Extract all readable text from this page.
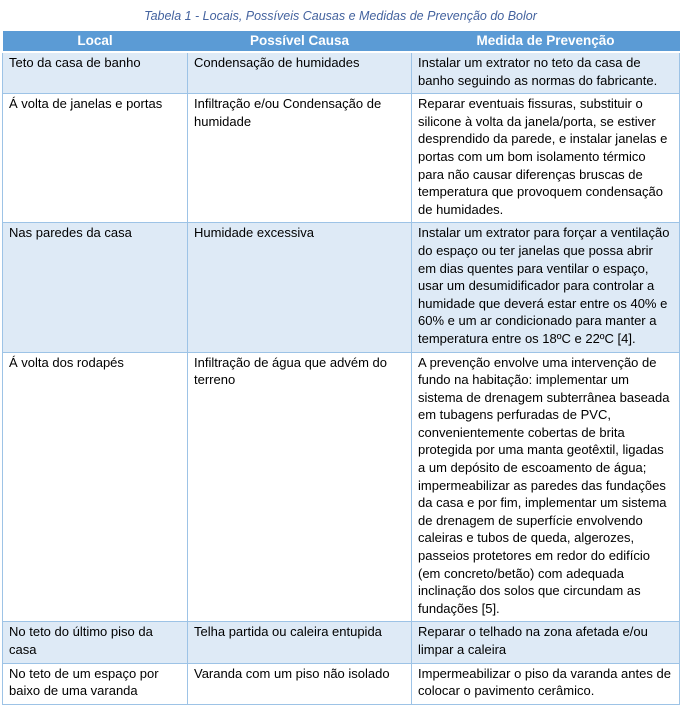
Tabela 1 - Locais, Possíveis Causas e Medidas de Prevenção do Bolor
Local	Possível Causa	Medida de Prevenção
Teto da casa de banho	Condensação de humidades	Instalar um extrator no teto da casa de banho seguindo as normas do fabricante.
Á volta de janelas e portas	Infiltração e/ou Condensação de humidade	Reparar eventuais fissuras, substituir o silicone à volta da janela/porta, se estiver desprendido da parede, e instalar janelas e portas com um bom isolamento térmico para não causar diferenças bruscas de temperatura que provoquem condensação de humidades.
Nas paredes da casa	Humidade excessiva	Instalar um extrator para forçar a ventilação do espaço ou ter janelas que possa abrir em dias quentes para ventilar o espaço, usar um desumidificador para controlar a humidade que deverá estar entre os 40% e 60% e um ar condicionado para manter a temperatura entre os 18ºC e 22ºC [4].
Á volta dos rodapés	Infiltração de água que advém do terreno	A prevenção envolve uma intervenção de fundo na habitação: implementar um sistema de drenagem subterrânea baseada em tubagens perfuradas de PVC, convenientemente cobertas de brita protegida por uma manta geotêxtil, ligadas a um depósito de escoamento de água; impermeabilizar as paredes das fundações da casa e por fim, implementar um sistema de drenagem de superfície envolvendo caleiras e tubos de queda, algerozes, passeios protetores em redor do edifício (em concreto/betão) com adequada inclinação dos solos que circundam as fundações [5].
No teto do último piso da casa	Telha partida ou caleira entupida	Reparar o telhado na zona afetada e/ou limpar a caleira
No teto de um espaço por baixo de uma varanda	Varanda com um piso não isolado	Impermeabilizar o piso da varanda antes de colocar o pavimento cerâmico.
